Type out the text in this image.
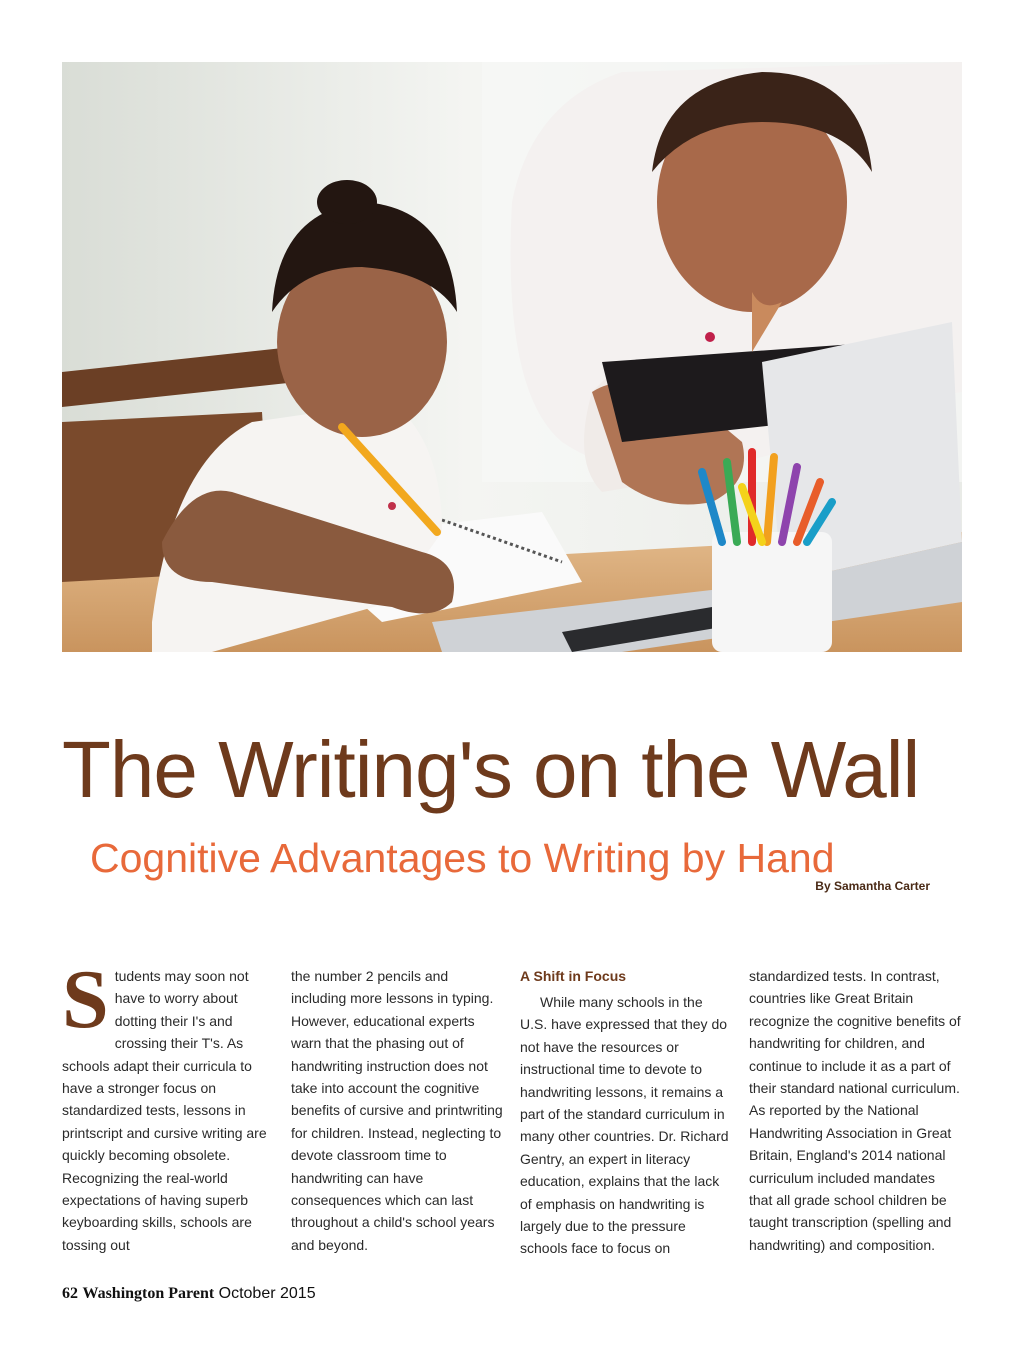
The Writing's on the Wall
Cognitive Advantages to Writing by Hand
By Samantha Carter
S tudents may soon not have to worry about dotting their I's and crossing their T's. As schools adapt their curricula to have a stronger focus on standardized tests, lessons in printscript and cursive writing are quickly becoming obsolete. Recognizing the real-world expectations of having superb keyboarding skills, schools are tossing out

the number 2 pencils and including more lessons in typing. However, educational experts warn that the phasing out of handwriting instruction does not take into account the cognitive benefits of cursive and printwriting for children. Instead, neglecting to devote classroom time to handwriting can have consequences which can last throughout a child's school years and beyond.

A Shift in Focus

While many schools in the U.S. have expressed that they do not have the resources or instructional time to devote to handwriting lessons, it remains a part of the standard curriculum in many other countries. Dr. Richard Gentry, an expert in literacy education, explains that the lack of emphasis on handwriting is largely due to the pressure schools face to focus on

standardized tests. In contrast, countries like Great Britain recognize the cognitive benefits of handwriting for children, and continue to include it as a part of their standard national curriculum. As reported by the National Handwriting Association in Great Britain, England's 2014 national curriculum included mandates that all grade school children be taught transcription (spelling and handwriting) and composition.

62 Washington Parent October 2015
